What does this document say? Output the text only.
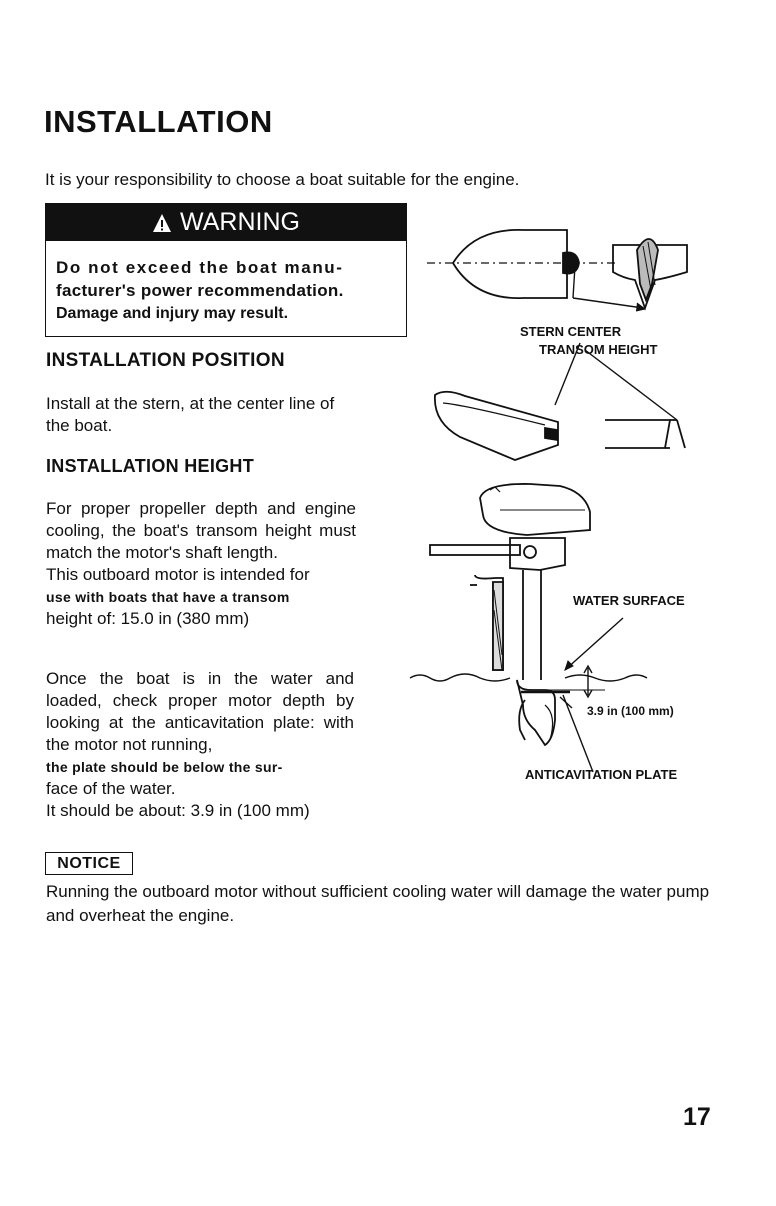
INSTALLATION
It is your responsibility to choose a boat suitable for the engine.
WARNING
Do not exceed the boat manu-
facturer's power recommendation.
Damage and injury may result.
INSTALLATION POSITION
Install at the stern, at the center line of the boat.
INSTALLATION HEIGHT
For proper propeller depth and engine cooling, the boat's transom height must match the motor's shaft length.
This outboard motor is intended for
use with boats that have a transom
height of: 15.0 in (380 mm)
Once the boat is in the water and loaded, check proper motor depth by looking at the anticavitation plate: with the motor not running,
the plate should be below the sur-
face of the water.
It should be about: 3.9 in (100 mm)
NOTICE
Running the outboard motor without sufficient cooling water will damage the water pump and overheat the engine.
17
STERN CENTER
TRANSOM HEIGHT
WATER SURFACE
3.9 in (100 mm)
ANTICAVITATION PLATE
